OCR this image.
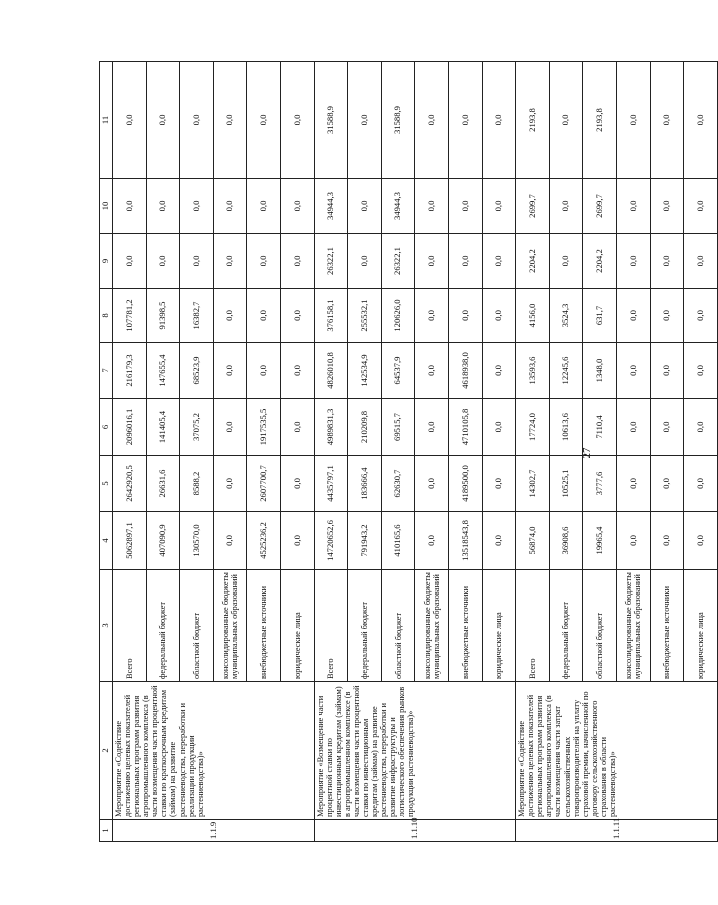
27
1	2	3	4	5	6	7	8	9	10	11
1.1.9	Мероприятие «Содействие достижению целевых показателей региональных программ развития агропромышленного комплекса (в части возмещения части процентной ставки по краткосрочным кредитам (займам) на развитие растениеводства, переработки и реализации продукции растениеводства)»	Всего	5062897,1	2642920,5	2096016,1	216179,3	107781,2	0,0	0,0	0,0
		федеральный бюджет	407090,9	26631,6	141405,4	147655,4	91398,5	0,0	0,0	0,0
		областной бюджет	130570,0	8588,2	37075,2	68523,9	16382,7	0,0	0,0	0,0
		консолидированные бюджеты муниципальных образований	0,0	0,0	0,0	0,0	0,0	0,0	0,0	0,0
		внебюджетные источники	4525236,2	2607700,7	1917535,5	0,0	0,0	0,0	0,0	0,0
		юридические лица	0,0	0,0	0,0	0,0	0,0	0,0	0,0	0,0
1.1.10	Мероприятие «Возмещение части процентной ставки по инвестиционным кредитам (займам) в агропромышленном комплексе (в части возмещения части процентной ставки по инвестиционным кредитам (займам) на развитие растениеводства, переработки и развитие инфраструктуры и логистического обеспечения рынков продукции растениеводства)»	Всего	14720652,6	4435797,1	4989831,3	4826010,8	376158,1	26322,1	34944,3	31588,9
		федеральный бюджет	791943,2	183666,4	210209,8	142534,9	255532,1	0,0	0,0	0,0
		областной бюджет	410165,6	62630,7	69515,7	64537,9	120626,0	26322,1	34944,3	31588,9
		консолидированные бюджеты муниципальных образований	0,0	0,0	0,0	0,0	0,0	0,0	0,0	0,0
		внебюджетные источники	13518543,8	4189500,0	4710105,8	4618938,0	0,0	0,0	0,0	0,0
		юридические лица	0,0	0,0	0,0	0,0	0,0	0,0	0,0	0,0
1.1.11	Мероприятие «Содействие достижению целевых показателей региональных программ развития агропромышленного комплекса (в части возмещения части затрат сельскохозяйственных товаропроизводителей на уплату страховой премии, начисленной по договору сельскохозяйственного страхования в области растениеводства)»	Всего	56874,0	14302,7	17724,0	13593,6	4156,0	2204,2	2699,7	2193,8
		федеральный бюджет	36908,6	10525,1	10613,6	12245,6	3524,3	0,0	0,0	0,0
		областной бюджет	19965,4	3777,6	7110,4	1348,0	631,7	2204,2	2699,7	2193,8
		консолидированные бюджеты муниципальных образований	0,0	0,0	0,0	0,0	0,0	0,0	0,0	0,0
		внебюджетные источники	0,0	0,0	0,0	0,0	0,0	0,0	0,0	0,0
		юридические лица	0,0	0,0	0,0	0,0	0,0	0,0	0,0	0,0
